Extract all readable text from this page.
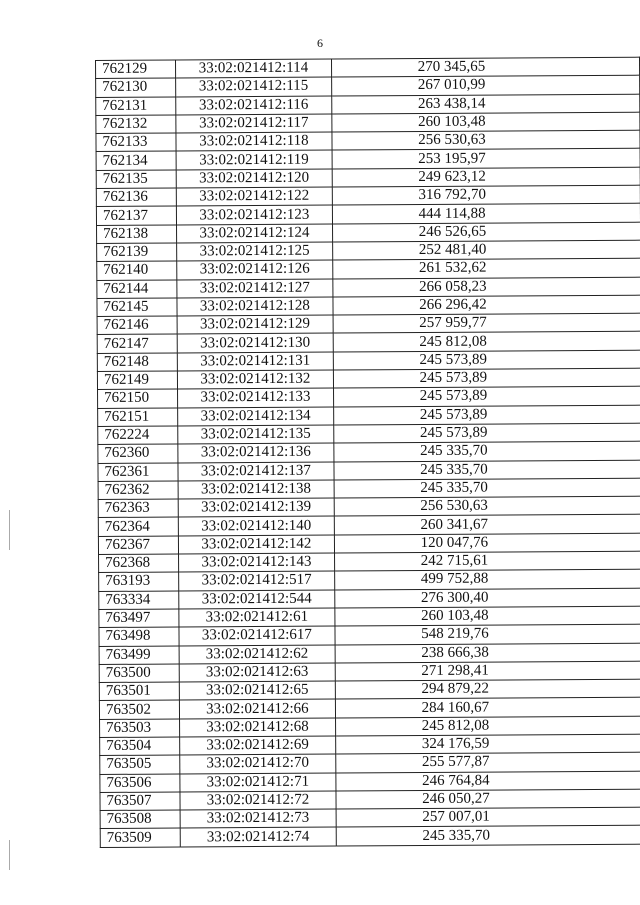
6
762129	33:02:021412:114	270 345,65
762130	33:02:021412:115	267 010,99
762131	33:02:021412:116	263 438,14
762132	33:02:021412:117	260 103,48
762133	33:02:021412:118	256 530,63
762134	33:02:021412:119	253 195,97
762135	33:02:021412:120	249 623,12
762136	33:02:021412:122	316 792,70
762137	33:02:021412:123	444 114,88
762138	33:02:021412:124	246 526,65
762139	33:02:021412:125	252 481,40
762140	33:02:021412:126	261 532,62
762144	33:02:021412:127	266 058,23
762145	33:02:021412:128	266 296,42
762146	33:02:021412:129	257 959,77
762147	33:02:021412:130	245 812,08
762148	33:02:021412:131	245 573,89
762149	33:02:021412:132	245 573,89
762150	33:02:021412:133	245 573,89
762151	33:02:021412:134	245 573,89
762224	33:02:021412:135	245 573,89
762360	33:02:021412:136	245 335,70
762361	33:02:021412:137	245 335,70
762362	33:02:021412:138	245 335,70
762363	33:02:021412:139	256 530,63
762364	33:02:021412:140	260 341,67
762367	33:02:021412:142	120 047,76
762368	33:02:021412:143	242 715,61
763193	33:02:021412:517	499 752,88
763334	33:02:021412:544	276 300,40
763497	33:02:021412:61	260 103,48
763498	33:02:021412:617	548 219,76
763499	33:02:021412:62	238 666,38
763500	33:02:021412:63	271 298,41
763501	33:02:021412:65	294 879,22
763502	33:02:021412:66	284 160,67
763503	33:02:021412:68	245 812,08
763504	33:02:021412:69	324 176,59
763505	33:02:021412:70	255 577,87
763506	33:02:021412:71	246 764,84
763507	33:02:021412:72	246 050,27
763508	33:02:021412:73	257 007,01
763509	33:02:021412:74	245 335,70
